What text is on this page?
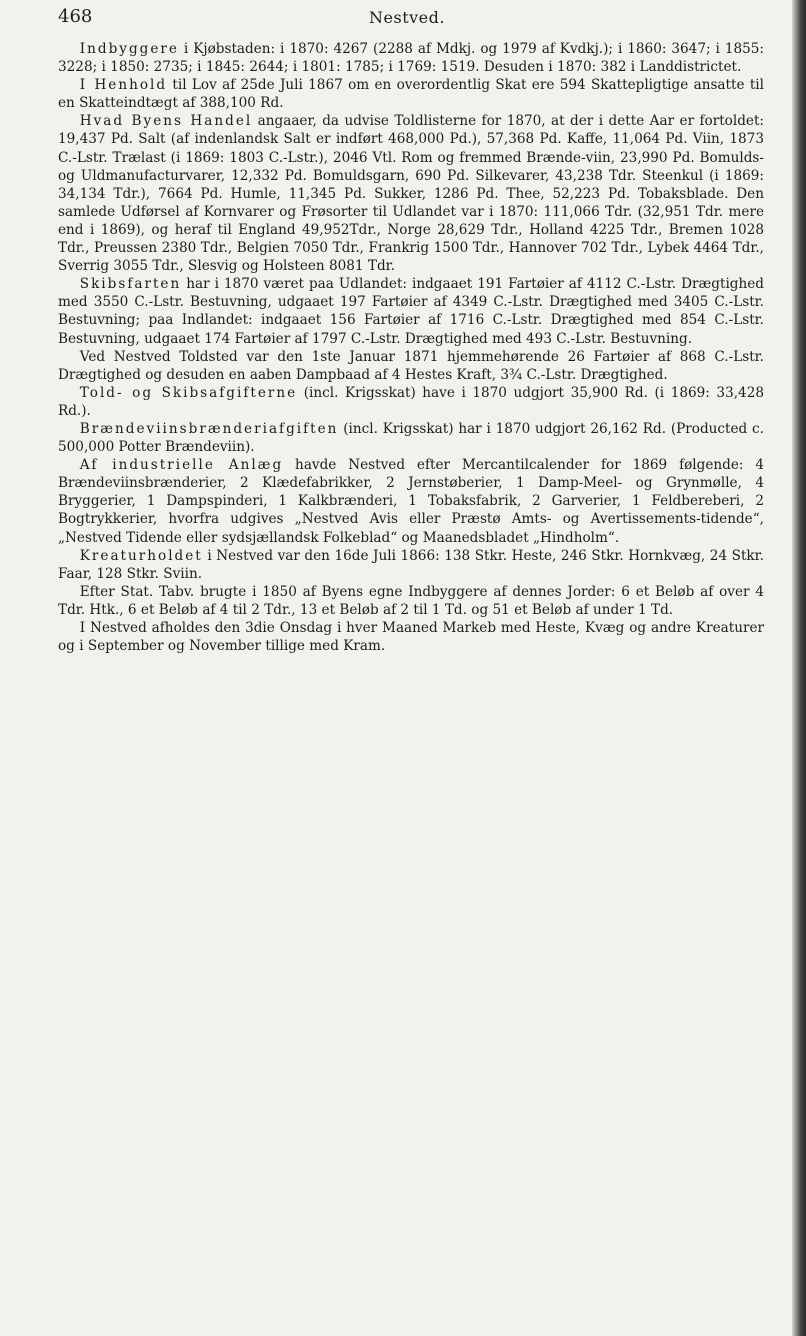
468	Nestved.

Indbyggere i Kjøbstaden: i 1870: 4267 (2288 af Mdkj. og 1979 af Kvdkj.); i 1860: 3647; i 1855: 3228; i 1850: 2735; i 1845: 2644; i 1801: 1785; i 1769: 1519. Desuden i 1870: 382 i Landdistrictet.

I Henhold til Lov af 25de Juli 1867 om en overordentlig Skat ere 594 Skattepligtige ansatte til en Skatteindtægt af 388,100 Rd.

Hvad Byens Handel angaaer, da udvise Toldlisterne for 1870, at der i dette Aar er fortoldet: 19,437 Pd. Salt (af indenlandsk Salt er indført 468,000 Pd.), 57,368 Pd. Kaffe, 11,064 Pd. Viin, 1873 C.-Lstr. Trælast (i 1869: 1803 C.-Lstr.), 2046 Vtl. Rom og fremmed Brænde-viin, 23,990 Pd. Bomulds- og Uldmanufacturvarer, 12,332 Pd. Bomuldsgarn, 690 Pd. Silkevarer, 43,238 Tdr. Steenkul (i 1869: 34,134 Tdr.), 7664 Pd. Humle, 11,345 Pd. Sukker, 1286 Pd. Thee, 52,223 Pd. Tobaksblade. Den samlede Udførsel af Kornvarer og Frøsorter til Udlandet var i 1870: 111,066 Tdr. (32,951 Tdr. mere end i 1869), og heraf til England 49,952Tdr., Norge 28,629 Tdr., Holland 4225 Tdr., Bremen 1028 Tdr., Preussen 2380 Tdr., Belgien 7050 Tdr., Frankrig 1500 Tdr., Hannover 702 Tdr., Lybek 4464 Tdr., Sverrig 3055 Tdr., Slesvig og Holsteen 8081 Tdr.

Skibsfarten har i 1870 været paa Udlandet: indgaaet 191 Fartøier af 4112 C.-Lstr. Drægtighed med 3550 C.-Lstr. Bestuvning, udgaaet 197 Fartøier af 4349 C.-Lstr. Drægtighed med 3405 C.-Lstr. Bestuvning; paa Indlandet: indgaaet 156 Fartøier af 1716 C.-Lstr. Drægtighed med 854 C.-Lstr. Bestuvning, udgaaet 174 Fartøier af 1797 C.-Lstr. Drægtighed med 493 C.-Lstr. Bestuvning.

Ved Nestved Toldsted var den 1ste Januar 1871 hjemmehørende 26 Fartøier af 868 C.-Lstr. Drægtighed og desuden en aaben Dampbaad af 4 Hestes Kraft, 3¾ C.-Lstr. Drægtighed.

Told- og Skibsafgifterne (incl. Krigsskat) have i 1870 udgjort 35,900 Rd. (i 1869: 33,428 Rd.).

Brændeviinsbrænderiafgiften (incl. Krigsskat) har i 1870 udgjort 26,162 Rd. (Producted c. 500,000 Potter Brændeviin).

Af industrielle Anlæg havde Nestved efter Mercantilcalender for 1869 følgende: 4 Brændeviinsbrænderier, 2 Klædefabrikker, 2 Jernstøberier, 1 Damp-Meel- og Grynmølle, 4 Bryggerier, 1 Dampspinderi, 1 Kalkbrænderi, 1 Tobaksfabrik, 2 Garverier, 1 Feldbereberi, 2 Bogtrykkerier, hvorfra udgives „Nestved Avis eller Præstø Amts- og Avertissements-tidende“, „Nestved Tidende eller sydsjællandsk Folkeblad“ og Maanedsbladet „Hindholm“.

Kreaturholdet i Nestved var den 16de Juli 1866: 138 Stkr. Heste, 246 Stkr. Hornkvæg, 24 Stkr. Faar, 128 Stkr. Sviin.

Efter Stat. Tabv. brugte i 1850 af Byens egne Indbyggere af dennes Jorder: 6 et Beløb af over 4 Tdr. Htk., 6 et Beløb af 4 til 2 Tdr., 13 et Beløb af 2 til 1 Td. og 51 et Beløb af under 1 Td.

I Nestved afholdes den 3die Onsdag i hver Maaned Markeb med Heste, Kvæg og andre Kreaturer og i September og November tillige med Kram.
